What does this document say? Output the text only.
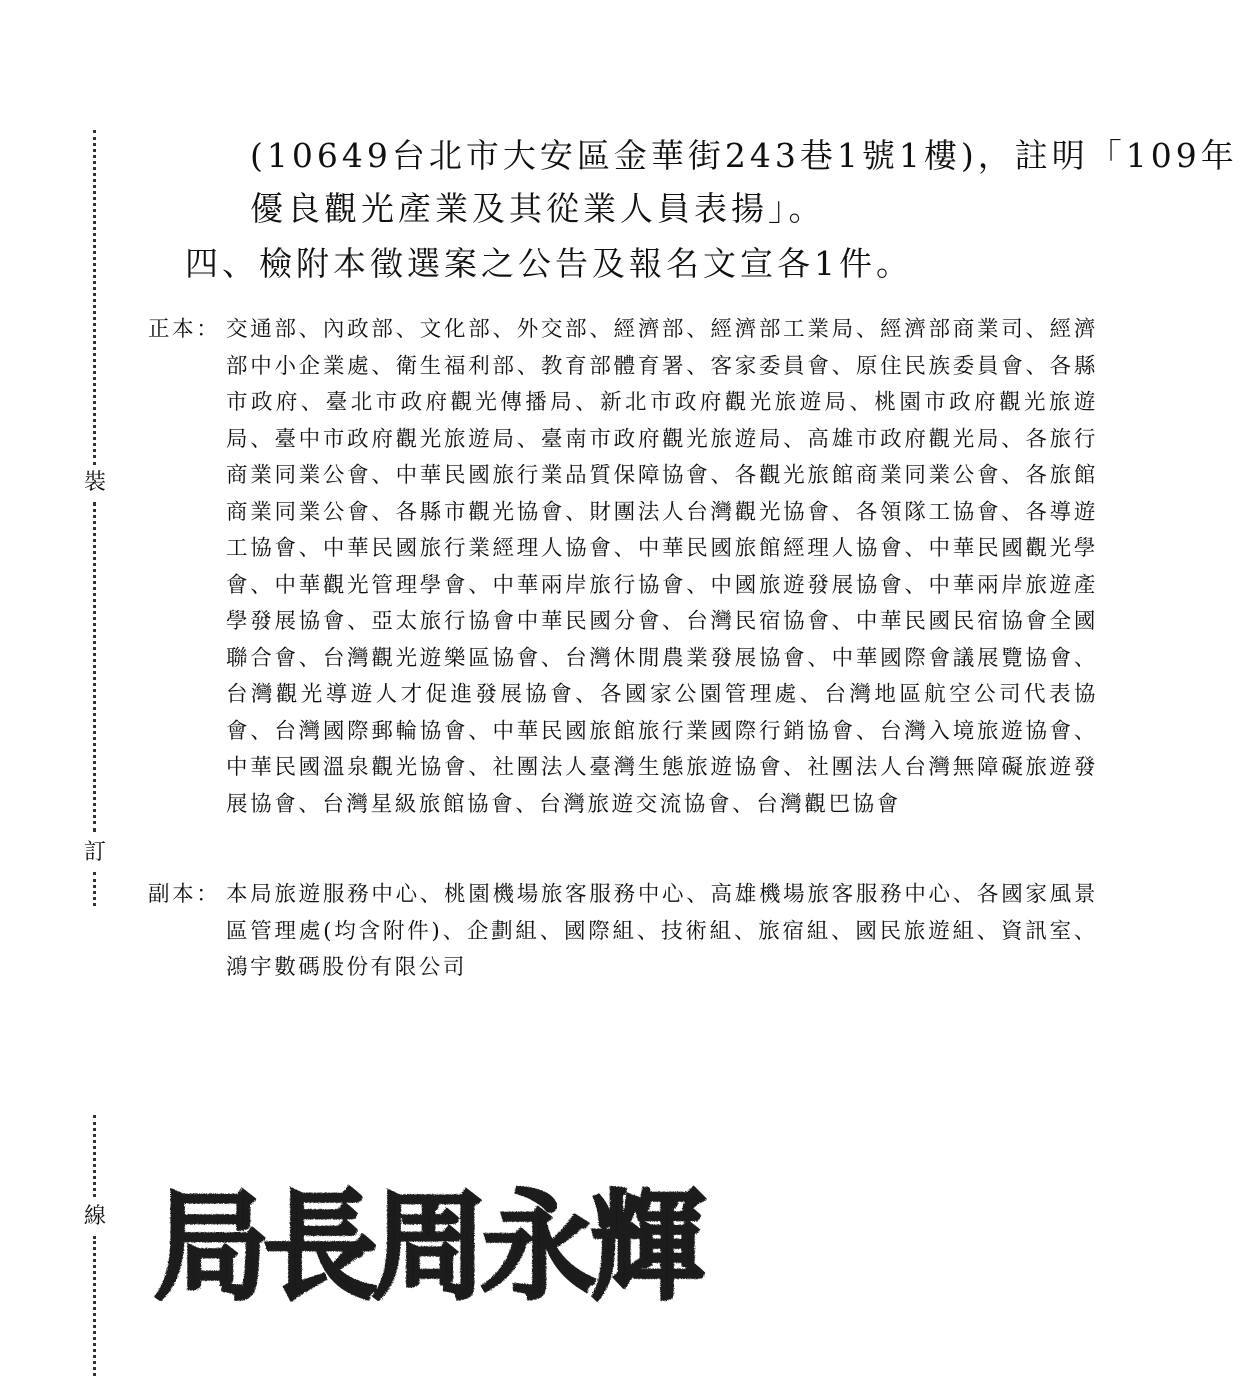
裝
訂
線

(10649台北市大安區金華街243巷1號1樓)，註明「109年

優良觀光產業及其從業人員表揚」。

四、檢附本徵選案之公告及報名文宣各1件。

正本： 交通部、內政部、文化部、外交部、經濟部、經濟部工業局、經濟部商業司、經濟部中小企業處、衛生福利部、教育部體育署、客家委員會、原住民族委員會、各縣市政府、臺北市政府觀光傳播局、新北市政府觀光旅遊局、桃園市政府觀光旅遊局、臺中市政府觀光旅遊局、臺南市政府觀光旅遊局、高雄市政府觀光局、各旅行商業同業公會、中華民國旅行業品質保障協會、各觀光旅館商業同業公會、各旅館商業同業公會、各縣市觀光協會、財團法人台灣觀光協會、各領隊工協會、各導遊工協會、中華民國旅行業經理人協會、中華民國旅館經理人協會、中華民國觀光學會、中華觀光管理學會、中華兩岸旅行協會、中國旅遊發展協會、中華兩岸旅遊產學發展協會、亞太旅行協會中華民國分會、台灣民宿協會、中華民國民宿協會全國聯合會、台灣觀光遊樂區協會、台灣休閒農業發展協會、中華國際會議展覽協會、台灣觀光導遊人才促進發展協會、各國家公園管理處、台灣地區航空公司代表協會、台灣國際郵輪協會、中華民國旅館旅行業國際行銷協會、台灣入境旅遊協會、中華民國溫泉觀光協會、社團法人臺灣生態旅遊協會、社團法人台灣無障礙旅遊發展協會、台灣星級旅館協會、台灣旅遊交流協會、台灣觀巴協會
副本： 本局旅遊服務中心、桃園機場旅客服務中心、高雄機場旅客服務中心、各國家風景區管理處(均含附件)、企劃組、國際組、技術組、旅宿組、國民旅遊組、資訊室、鴻宇數碼股份有限公司
局長周永輝
